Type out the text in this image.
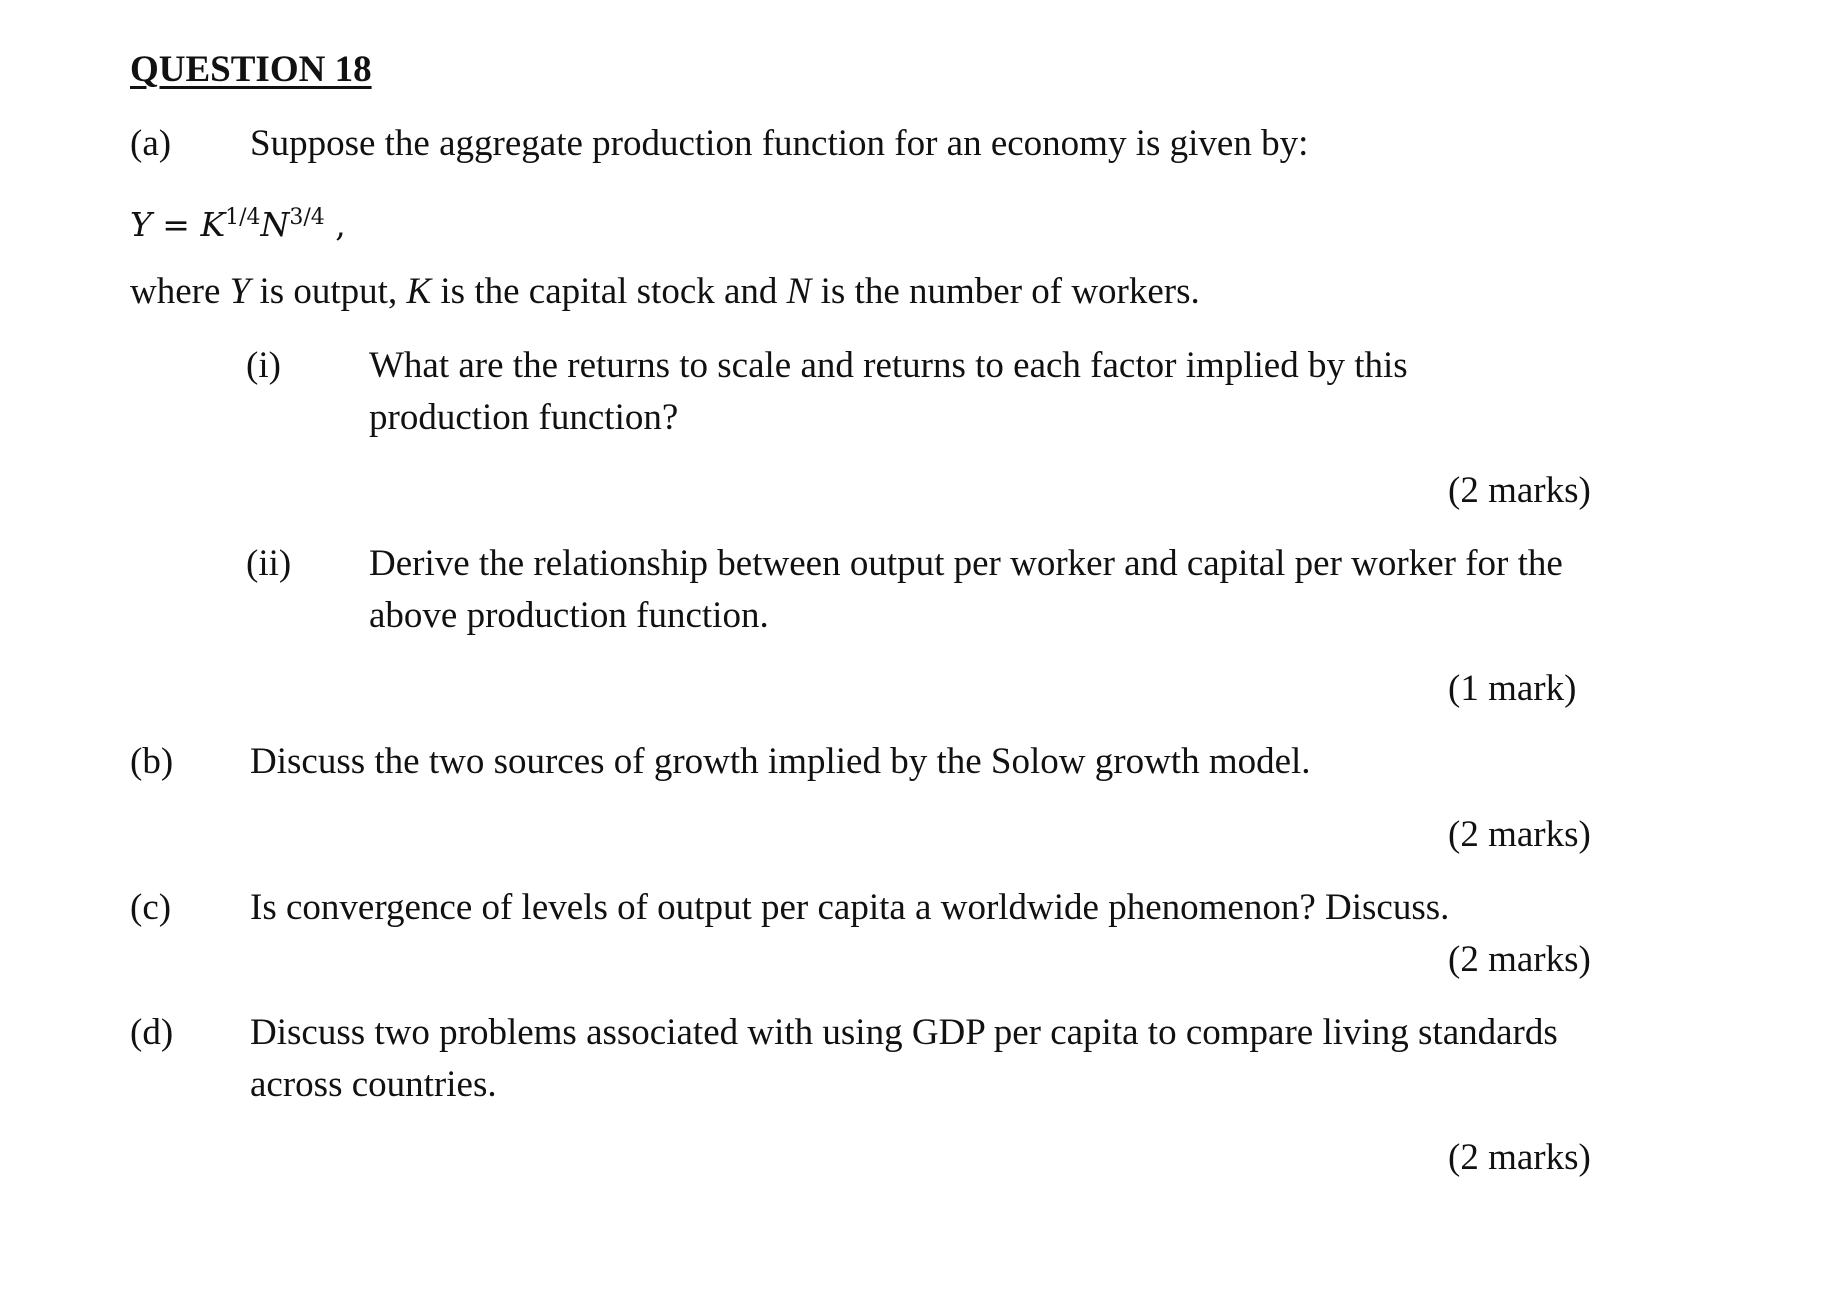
QUESTION 18
(a) Suppose the aggregate production function for an economy is given by:
$Y = K^{1/4}N^{3/4}$ ,
where Y is output, K is the capital stock and N is the number of workers.
(i) What are the returns to scale and returns to each factor implied by this
production function?
(2 marks)
(ii) Derive the relationship between output per worker and capital per worker for the
above production function.
(1 mark)
(b) Discuss the two sources of growth implied by the Solow growth model.
(2 marks)
(c) Is convergence of levels of output per capita a worldwide phenomenon? Discuss.
(2 marks)
(d) Discuss two problems associated with using GDP per capita to compare living standards
across countries.
(2 marks)
